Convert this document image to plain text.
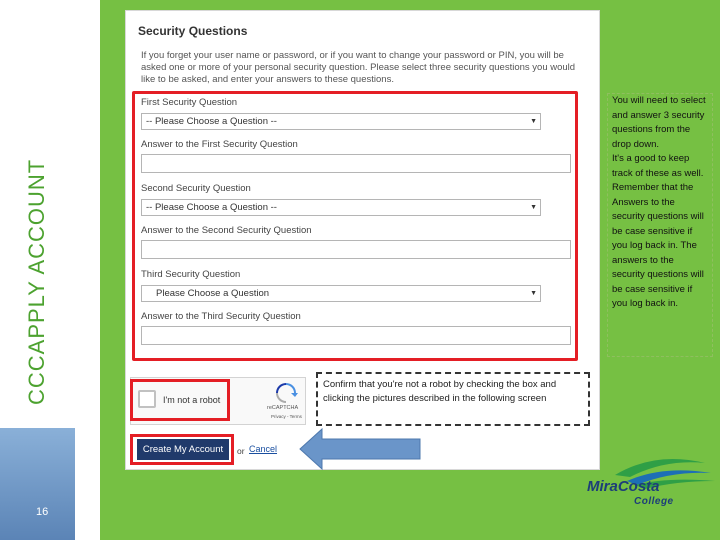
CCCAPPLY ACCOUNT
16
Security Questions
If you forget your user name or password, or if you want to change your password or PIN, you will be asked one or more of your personal security question. Please select three security questions you would like to be asked, and enter your answers to these questions.
First Security Question
-- Please Choose a Question --	▼
Answer to the First Security Question
Second Security Question
-- Please Choose a Question --	▼
Answer to the Second Security Question
Third Security Question
Please Choose a Question	▼
Answer to the Third Security Question
I'm not a robot
reCAPTCHA
Privacy - Terms
Confirm that you're not a robot by checking the box and clicking the pictures described in the following screen
Create My Account	or Cancel

You will need to select and answer 3 security questions from the drop down.

It's a good to keep track of these as well. Remember that the Answers to the security questions will be case sensitive if you log back in. The answers to the security questions will be case sensitive if you log back in.

MiraCosta
College
